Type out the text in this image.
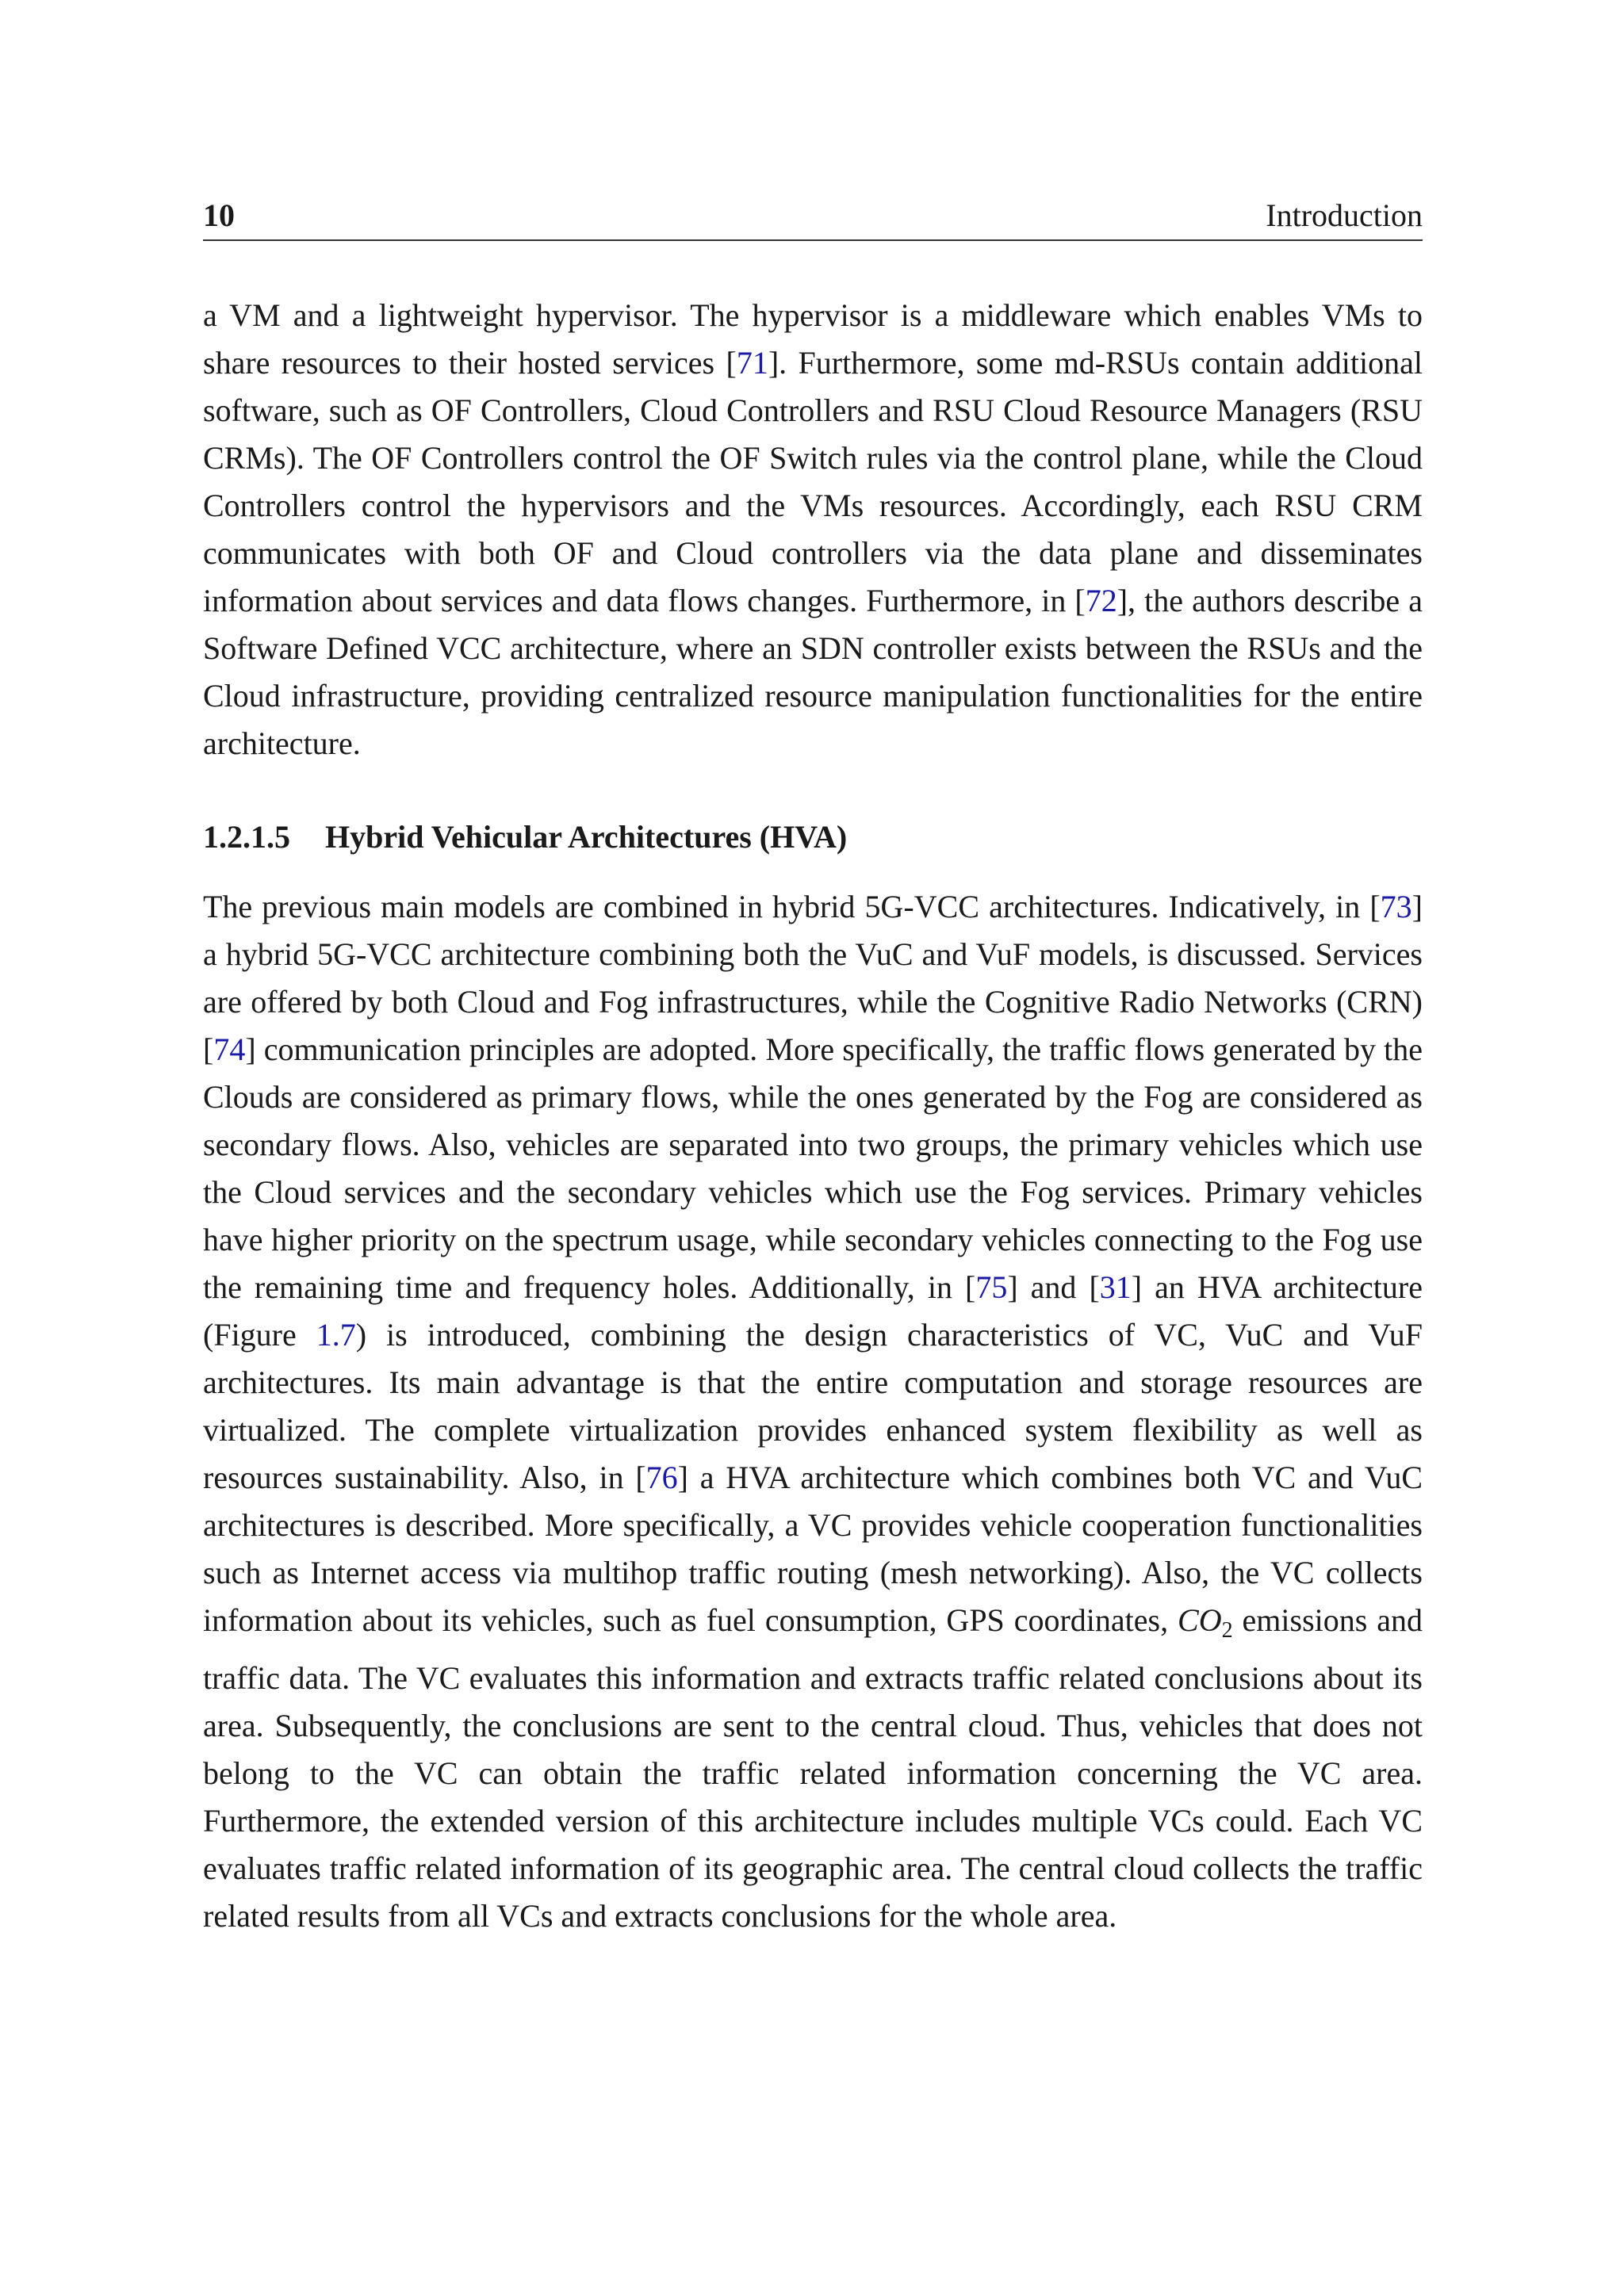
10	Introduction

a VM and a lightweight hypervisor. The hypervisor is a middleware which enables VMs to share resources to their hosted services [71]. Furthermore, some md-RSUs contain additional software, such as OF Controllers, Cloud Controllers and RSU Cloud Resource Managers (RSU CRMs). The OF Controllers control the OF Switch rules via the control plane, while the Cloud Controllers control the hypervisors and the VMs resources. Accordingly, each RSU CRM communicates with both OF and Cloud controllers via the data plane and disseminates information about services and data flows changes. Furthermore, in [72], the authors describe a Software Defined VCC architecture, where an SDN controller exists between the RSUs and the Cloud infrastructure, providing centralized resource manipulation functionalities for the entire architecture.

1.2.1.5 Hybrid Vehicular Architectures (HVA)

The previous main models are combined in hybrid 5G-VCC architectures. Indicatively, in [73] a hybrid 5G-VCC architecture combining both the VuC and VuF models, is discussed. Services are offered by both Cloud and Fog infrastructures, while the Cognitive Radio Networks (CRN) [74] communication principles are adopted. More specifically, the traffic flows generated by the Clouds are considered as primary flows, while the ones generated by the Fog are considered as secondary flows. Also, vehicles are separated into two groups, the primary vehicles which use the Cloud services and the secondary vehicles which use the Fog services. Primary vehicles have higher priority on the spectrum usage, while secondary vehicles connecting to the Fog use the remaining time and frequency holes. Additionally, in [75] and [31] an HVA architecture (Figure 1.7) is introduced, combining the design characteristics of VC, VuC and VuF architectures. Its main advantage is that the entire computation and storage resources are virtualized. The complete virtualization provides enhanced system flexibility as well as resources sustainability. Also, in [76] a HVA architecture which combines both VC and VuC architectures is described. More specifically, a VC provides vehicle cooperation functionalities such as Internet access via multihop traffic routing (mesh networking). Also, the VC collects information about its vehicles, such as fuel consumption, GPS coordinates, $CO_2$ emissions and traffic data. The VC evaluates this information and extracts traffic related conclusions about its area. Subsequently, the conclusions are sent to the central cloud. Thus, vehicles that does not belong to the VC can obtain the traffic related information concerning the VC area. Furthermore, the extended version of this architecture includes multiple VCs could. Each VC evaluates traffic related information of its geographic area. The central cloud collects the traffic related results from all VCs and extracts conclusions for the whole area.
